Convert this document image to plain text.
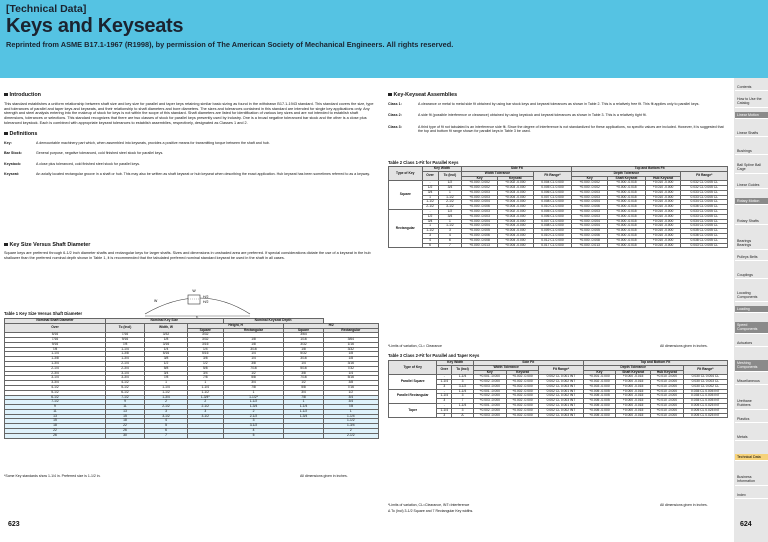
[Technical Data]
Keys and Keyseats
Reprinted from ASME B17.1-1967 (R1998), by permission of The American Society of Mechanical Engineers. All rights reserved.
Contents
How to Use the Catalog
Linear Motion
Linear Shafts
Bushings
Ball Spline Ball Cage
Linear Guides
Rotary Motion
Rotary Shafts
Bearings Bearings
Pulleys Belts
Couplings
Locating Components
Loading
Speed Components
Actuators
Meshing Components
Miscellaneous
Urethane Rubbers
Plastics
Metals
Technical Data
Business Information
Index
Introduction
This standard establishes a uniform relationship between shaft size and key size for parallel and taper keys retaining similar basic sizing as found in the withdrawn B17.1-1943 standard. This standard covers the size, type and tolerances of parallel and taper keys and keyseats, and their relationship to shaft diameters and bore diameters. The sizes and tolerances contained in this standard are intended for single key applications only. Any strength and steel analysis entering into the makeup of stock for keys is not within the scope of this standard. Shaft diameters are listed for identification of various key sizes and are not intended to establish shaft dimensions, tolerances or selections. This standard recognizes that there are two classes of stock for parallel keys presently used by industry. One is a broad negative toleranced bar stock and the other is a close plus toleranced keystock. Each is combined with appropriate keyseat tolerances to establish assemblies, respectively, designated as Classes 1 and 2.
Definitions
Key:	A demountable machinery part which, when assembled into keyseats, provides a positive means for transmitting torque between the shaft and hub.
Bar Stock:	General purpose, negative toleranced, cold finished steel stock for parallel keys.
Keystock:	A close plus toleranced, cold finished steel stock for parallel keys.
Keyseat:	An axially located rectangular groove in a shaft or hub. This may also be written as shaft keyseat or hub keyseat when describing the exact application. Hub keyseat has been sometimes referred to as a keyway.
Key Size Versus Shaft Diameter
Square keys are preferred through 6-1/2 inch diameter shafts and rectangular keys for larger shafts. Sizes and dimensions in unshaded area are preferred. If special considerations dictate the use of a keyseat in the hub shallower than the preferred nominal depth shown in Table 1, it is recommended that the tabulated preferred nominal standard keyseat be used in the shaft in all cases.
W
H/2
H/2
W
Table 1 Key Size Versus Shaft Diameter
Nominal Shaft Diameter	Nominal Key Size			Nominal Keyseat Depth		
Over	To (Incl)	Width, W	Height, H		H/2	
			Square	Rectangular	Square	Rectangular
5/16	7/16	3/32	3/32		3/64	
7/16	9/16	1/8	3/32	1/8	1/16	3/64
9/16	7/8	3/16	3/16	1/8	3/32	1/16
7/8	1-1/4	1/4	1/4	3/16	1/8	3/32
1-1/4	1-3/8	5/16	5/16	1/4	5/32	1/8
1-3/8	1-3/4	3/8	3/8	1/4	3/16	1/8
1-3/4	2-1/4	1/2	1/2	3/8	1/4	3/16
2-1/4	2-3/4	5/8	5/8	7/16	5/16	7/32
2-3/4	3-1/4	3/4	3/4	1/2	3/8	1/4
3-1/4	3-3/4	7/8	7/8	5/8	7/16	5/16
3-3/4	4-1/2	1	1	3/4	1/2	3/8
4-1/2	5-1/2	1-1/4	1-1/4	7/8	5/8	7/16
5-1/2	6-1/2	1-1/2	1-1/2	1	3/4	1/2
6-1/2	7-1/2	1-3/4	1-3/4*	1-1/2*	7/8	3/4
7-1/2	9	2	2	1-1/2	1	3/4
9	11	2-1/2	2-1/2	1-3/4	1-1/4	7/8
11	13	3	3	2	1-1/2	1
13	15	3-1/2	3-1/2	2-1/2	1-3/4	1-1/4
15	18	4		3		1-1/2
18	22	5		3-1/2		1-3/4
22	26	6		4		2
26	30	7		5		2-1/2
*Some Key standards show 1-1/4 in. Preferred size is 1-1/2 in.	All dimensions given in inches.
Key-Keyseat Assemblies
Class 1:	A clearance or metal to metal side fit obtained by using bar stock keys and keyseat tolerances as shown in Table 2. This is a relatively free fit. This fit applies only to parallel keys.
Class 2:	A side fit (possible interference or clearance) obtained by using keystock and keyseat tolerances as shown in Table 3. This is a relatively tight fit.
Class 3:	A third type of fit not tabulated is an interference side fit. Since the degree of interference is not standardized for these applications, no specific values are included. However, it is suggested that the top and bottom fit range shown for parallel keys in Table 3 be used.
Table 2 Class 1-Fit for Parallel Keys
Type of Key	Key Width		Side Fit			Top and Bottom Fit			
	Over	To (Incl)	Width Tolerance		Fit Range*	Depth Tolerance			Fit Range*
			Key	Keyseat		Key	Shaft Keyseat	Hub Keyseat	
Square	-	1/2	+0.000 -0.002	+0.002 -0.000	0.004 CL 0.000	+0.000 -0.002	+0.000 -0.015	+0.010 -0.000	0.032 CL 0.005 CL
	1/2	3/4	+0.000 -0.002	+0.003 -0.000	0.005 CL 0.000	+0.000 -0.002	+0.000 -0.015	+0.010 -0.000	0.032 CL 0.005 CL
	3/4	1	+0.000 -0.003	+0.003 -0.000	0.006 CL 0.000	+0.000 -0.003	+0.000 -0.015	+0.010 -0.000	0.033 CL 0.005 CL
	1	1-1/2	+0.000 -0.003	+0.004 -0.000	0.007 CL 0.000	+0.000 -0.003	+0.000 -0.015	+0.010 -0.000	0.033 CL 0.005 CL
	1-1/2	2-1/2	+0.000 -0.004	+0.004 -0.000	0.008 CL 0.000	+0.000 -0.004	+0.000 -0.015	+0.010 -0.000	0.034 CL 0.005 CL
	2-1/2	3-1/2	+0.000 -0.006	+0.004 -0.000	0.010 CL 0.000	+0.000 -0.006	+0.000 -0.015	+0.010 -0.000	0.036 CL 0.005 CL
Rectangular	-	1/2	+0.000 -0.003	+0.002 -0.000	0.005 CL 0.000	+0.000 -0.003	+0.000 -0.015	+0.010 -0.000	0.033 CL 0.005 CL
	1/2	3/4	+0.000 -0.003	+0.003 -0.000	0.006 CL 0.000	+0.000 -0.003	+0.000 -0.015	+0.010 -0.000	0.033 CL 0.005 CL
	3/4	1	+0.000 -0.004	+0.003 -0.000	0.007 CL 0.000	+0.000 -0.004	+0.000 -0.015	+0.010 -0.000	0.034 CL 0.005 CL
	1	1-1/2	+0.000 -0.004	+0.004 -0.000	0.008 CL 0.000	+0.000 -0.004	+0.000 -0.015	+0.010 -0.000	0.034 CL 0.005 CL
	1-1/2	3	+0.000 -0.005	+0.004 -0.000	0.009 CL 0.000	+0.000 -0.005	+0.000 -0.015	+0.010 -0.000	0.035 CL 0.005 CL
	3	4	+0.000 -0.006	+0.004 -0.000	0.010 CL 0.000	+0.000 -0.006	+0.000 -0.015	+0.010 -0.000	0.036 CL 0.005 CL
	4	6	+0.000 -0.008	+0.004 -0.000	0.012 CL 0.000	+0.000 -0.008	+0.000 -0.015	+0.010 -0.000	0.038 CL 0.005 CL
	6	7	+0.000 -0.013	+0.004 -0.000	0.017 CL 0.000	+0.000 -0.013	+0.000 -0.015	+0.010 -0.000	0.043 CL 0.005 CL
*Limits of variation, CL= Clearance	All dimensions given in inches.
Table 3 Class 2-Fit for Parallel and Taper Keys
Type of Key	Key Width		Side Fit			Top and Bottom Fit			
	Over	To (Incl)	Width Tolerance		Fit Range*	Depth Tolerance			Fit Range*
			Key	Keyseat		Key	Shaft Keyseat	Hub Keyseat	
Parallel Square	-	1-1/4	+0.001 -0.000	+0.002 -0.000	0.002 CL 0.001 INT	+0.001 -0.000	+0.000 -0.015	+0.010 -0.000	0.030 CL 0.004 CL
	1-1/4	3	+0.002 -0.000	+0.002 -0.000	0.002 CL 0.002 INT	+0.002 -0.000	+0.000 -0.015	+0.010 -0.000	0.030 CL 0.003 CL
	3	3-1/2	+0.003 -0.000	+0.002 -0.000	0.002 CL 0.003 INT	+0.003 -0.000	+0.000 -0.015	+0.010 -0.000	0.030 CL 0.002 CL
Parallel Rectangular	-	1-1/4	+0.001 -0.000	+0.002 -0.000	0.002 CL 0.001 INT	+0.005 -0.005	+0.000 -0.015	+0.010 -0.000	0.035 CL 0.005 INT
	1-1/4	3	+0.002 -0.000	+0.002 -0.000	0.002 CL 0.002 INT	+0.005 -0.005	+0.000 -0.015	+0.010 -0.000	0.035 CL 0.005 INT
	3	7	+0.003 -0.000	+0.002 -0.000	0.002 CL 0.003 INT	+0.005 -0.005	+0.000 -0.015	+0.010 -0.000	0.035 CL 0.005 INT
Taper	-	1-1/4	+0.001 -0.000	+0.002 -0.000	0.002 CL 0.001 INT	+0.005 -0.000	+0.000 -0.015	+0.010 -0.000	0.005 CL 0.025 INT
	1-1/4	3	+0.002 -0.000	+0.002 -0.000	0.002 CL 0.002 INT	+0.005 -0.000	+0.000 -0.015	+0.010 -0.000	0.005 CL 0.025 INT
	3	Δ	+0.003 -0.000	+0.002 -0.000	0.002 CL 0.003 INT	+0.005 -0.000	+0.000 -0.015	+0.010 -0.000	0.005 CL 0.025 INT
*Limits of variation, CL=Clearance, INT=Interference
Δ To (Incl) 3-1/2 Square and 7 Rectangular Key widths.
All dimensions given in inches.
623	624
